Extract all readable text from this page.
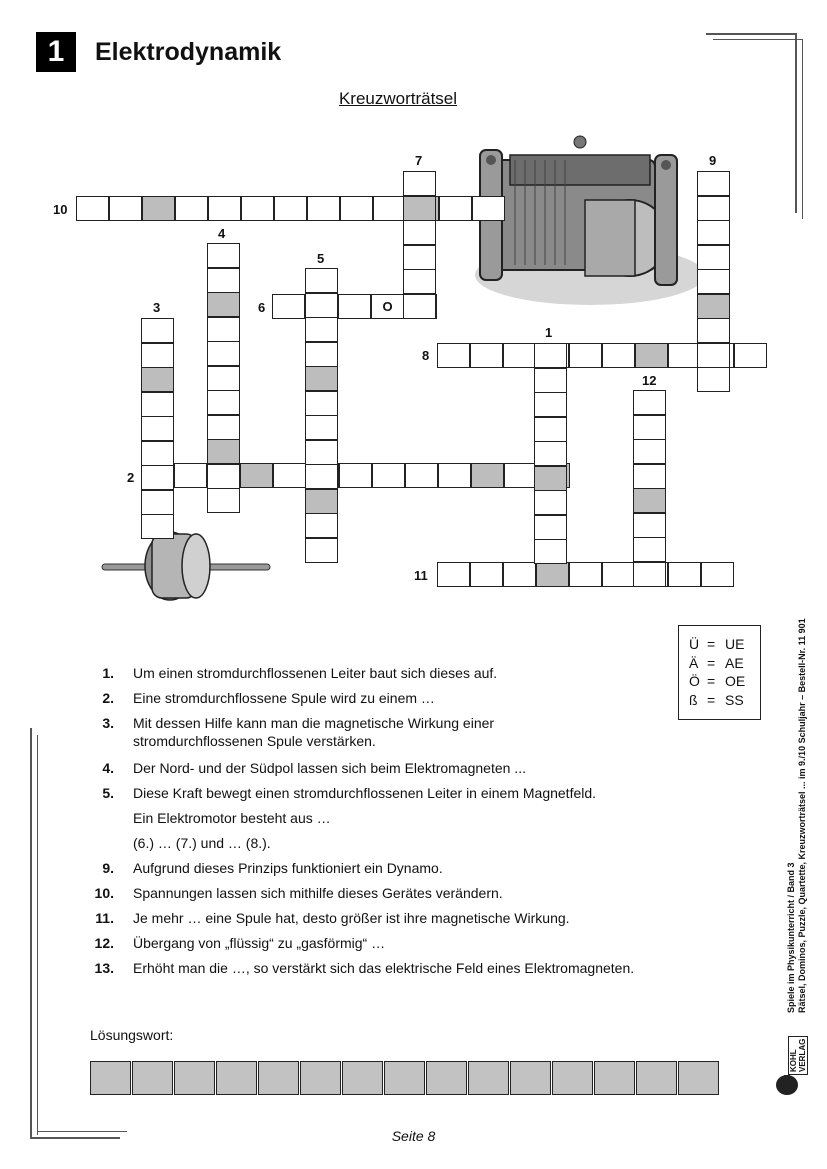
1	Elektrodynamik
Kreuzworträtsel
O
1
2
3
4
5
6
7
8
9
10
11
12
Ü = UE
Ä = AE
Ö = OE
ß = SS
1. Um einen stromdurchflossenen Leiter baut sich dieses auf.
2. Eine stromdurchflossene Spule wird zu einem …
3. Mit dessen Hilfe kann man die magnetische Wirkung einer stromdurchflossenen Spule verstärken.
4. Der Nord- und der Südpol lassen sich beim Elektromagneten ...
5. Diese Kraft bewegt einen stromdurchflossenen Leiter in einem Magnetfeld.
Ein Elektromotor besteht aus …
(6.) … (7.) und … (8.).
9. Aufgrund dieses Prinzips funktioniert ein Dynamo.
10. Spannungen lassen sich mithilfe dieses Gerätes verändern.
11. Je mehr … eine Spule hat, desto größer ist ihre magnetische Wirkung.
12. Übergang von „flüssig“ zu „gasförmig“ …
13. Erhöht man die …, so verstärkt sich das elektrische Feld eines Elektromagneten.
Lösungswort:
Spiele im Physikunterricht / Band 3 Rätsel, Dominos, Puzzle, Quartette, Kreuzworträtsel ... im 9./10 Schuljahr – Bestell-Nr. 11 901
KOHL VERLAG
Seite 8
